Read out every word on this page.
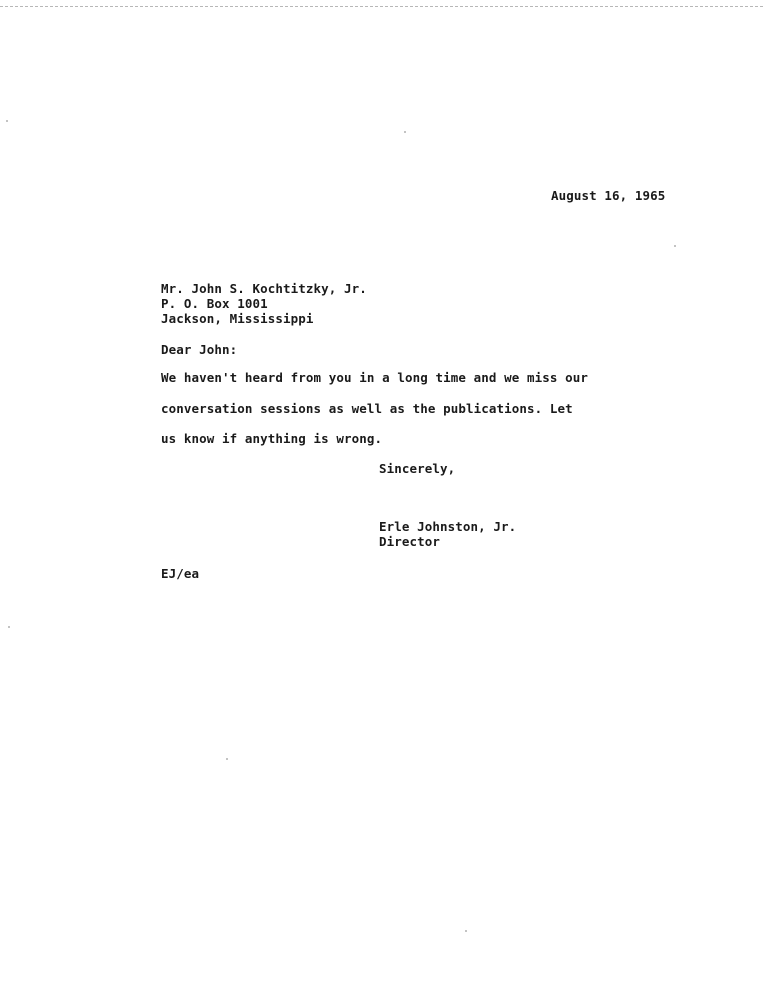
August 16, 1965
Mr. John S. Kochtitzky, Jr.
P. O. Box 1001
Jackson, Mississippi
Dear John:
We haven't heard from you in a long time and we miss our
conversation sessions as well as the publications. Let
us know if anything is wrong.
Sincerely,
Erle Johnston, Jr.
Director
EJ/ea
